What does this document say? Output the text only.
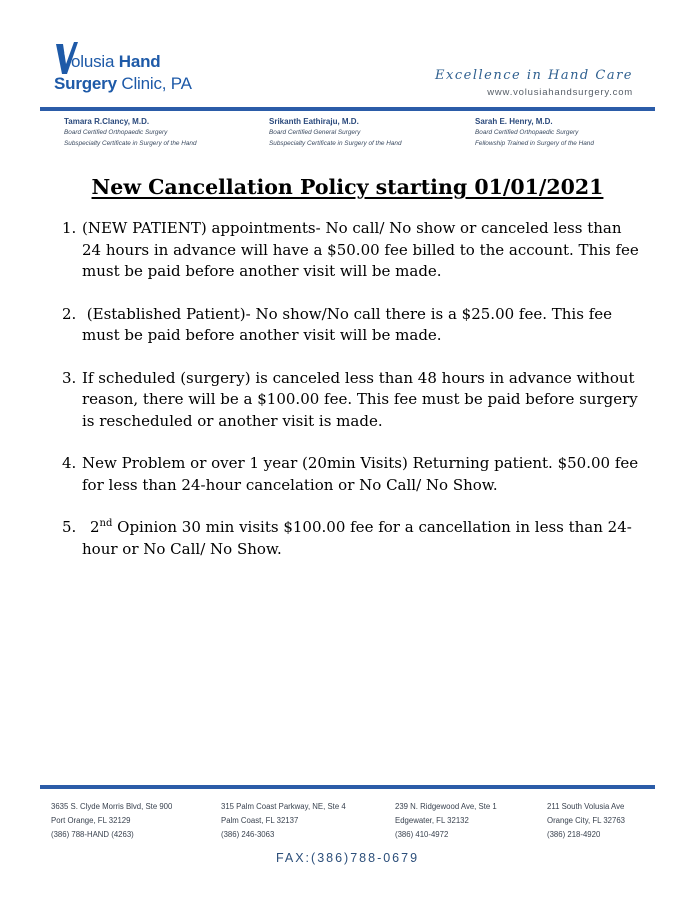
olusia Hand
Surgery Clinic, PA	Excellence in Hand Care
www.volusiahandsurgery.com
Tamara R.Clancy, M.D.
Board Certified Orthopaedic Surgery
Subspecialty Certificate in Surgery of the Hand
Srikanth Eathiraju, M.D.
Board Certified General Surgery
Subspecialty Certificate in Surgery of the Hand
Sarah E. Henry, M.D.
Board Certified Orthopaedic Surgery
Fellowship Trained in Surgery of the Hand
New Cancellation Policy starting 01/01/2021
1. (NEW PATIENT) appointments- No call/ No show or canceled less than
24 hours in advance will have a $50.00 fee billed to the account. This fee
must be paid before another visit will be made.
2. (Established Patient)- No show/No call there is a $25.00 fee. This fee
must be paid before another visit will be made.
3. If scheduled (surgery) is canceled less than 48 hours in advance without
reason, there will be a $100.00 fee. This fee must be paid before surgery
is rescheduled or another visit is made.
4. New Problem or over 1 year (20min Visits) Returning patient. $50.00 fee
for less than 24-hour cancelation or No Call/ No Show.
5. 2nd Opinion 30 min visits $100.00 fee for a cancellation in less than 24-
hour or No Call/ No Show.
3635 S. Clyde Morris Blvd, Ste 900
Port Orange, FL 32129
(386) 788-HAND (4263)
315 Palm Coast Parkway, NE, Ste 4
Palm Coast, FL 32137
(386) 246-3063
239 N. Ridgewood Ave, Ste 1
Edgewater, FL 32132
(386) 410-4972
211 South Volusia Ave
Orange City, FL 32763
(386) 218-4920
FAX:(386)788-0679
